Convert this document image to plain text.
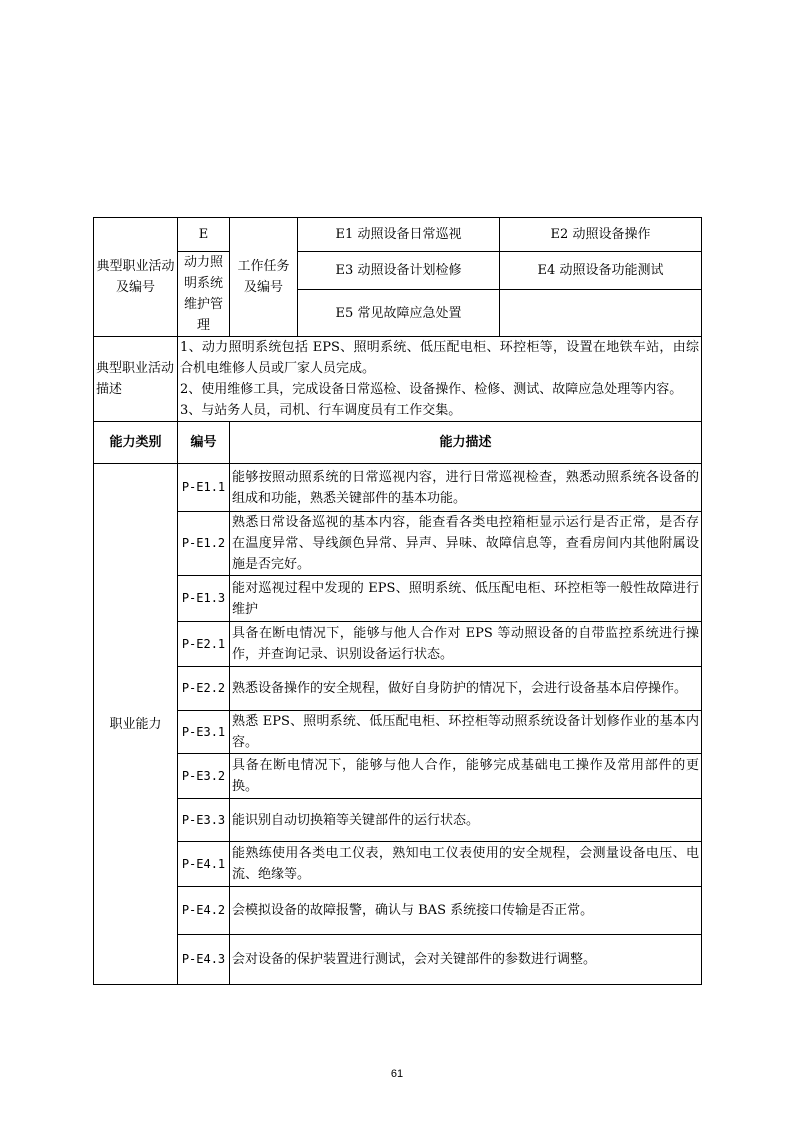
典型职业活动及编号	E	工作任务及编号	E1 动照设备日常巡视	E2 动照设备操作
	动力照明系统维护管理		E3 动照设备计划检修	E4 动照设备功能测试
			E5 常见故障应急处置	
典型职业活动描述	1、动力照明系统包括 EPS、照明系统、低压配电柜、环控柜等，设置在地铁车站，由综合机电维修人员或厂家人员完成。
2、使用维修工具，完成设备日常巡检、设备操作、检修、测试、故障应急处理等内容。
3、与站务人员，司机、行车调度员有工作交集。			

能力类别	编号	能力描述		
职业能力	P-E1.1	能够按照动照系统的日常巡视内容，进行日常巡视检查，熟悉动照系统各设备的组成和功能，熟悉关键部件的基本功能。		
	P-E1.2	熟悉日常设备巡视的基本内容，能查看各类电控箱柜显示运行是否正常，是否存在温度异常、导线颜色异常、异声、异味、故障信息等，查看房间内其他附属设施是否完好。		
	P-E1.3	能对巡视过程中发现的 EPS、照明系统、低压配电柜、环控柜等一般性故障进行维护		
	P-E2.1	具备在断电情况下，能够与他人合作对 EPS 等动照设备的自带监控系统进行操作，并查询记录、识别设备运行状态。		
	P-E2.2	熟悉设备操作的安全规程，做好自身防护的情况下，会进行设备基本启停操作。		
	P-E3.1	熟悉 EPS、照明系统、低压配电柜、环控柜等动照系统设备计划修作业的基本内容。		
	P-E3.2	具备在断电情况下，能够与他人合作，能够完成基础电工操作及常用部件的更换。		
	P-E3.3	能识别自动切换箱等关键部件的运行状态。		
	P-E4.1	能熟练使用各类电工仪表，熟知电工仪表使用的安全规程，会测量设备电压、电流、绝缘等。		
	P-E4.2	会模拟设备的故障报警，确认与 BAS 系统接口传输是否正常。		
	P-E4.3	会对设备的保护装置进行测试，会对关键部件的参数进行调整。		
61
